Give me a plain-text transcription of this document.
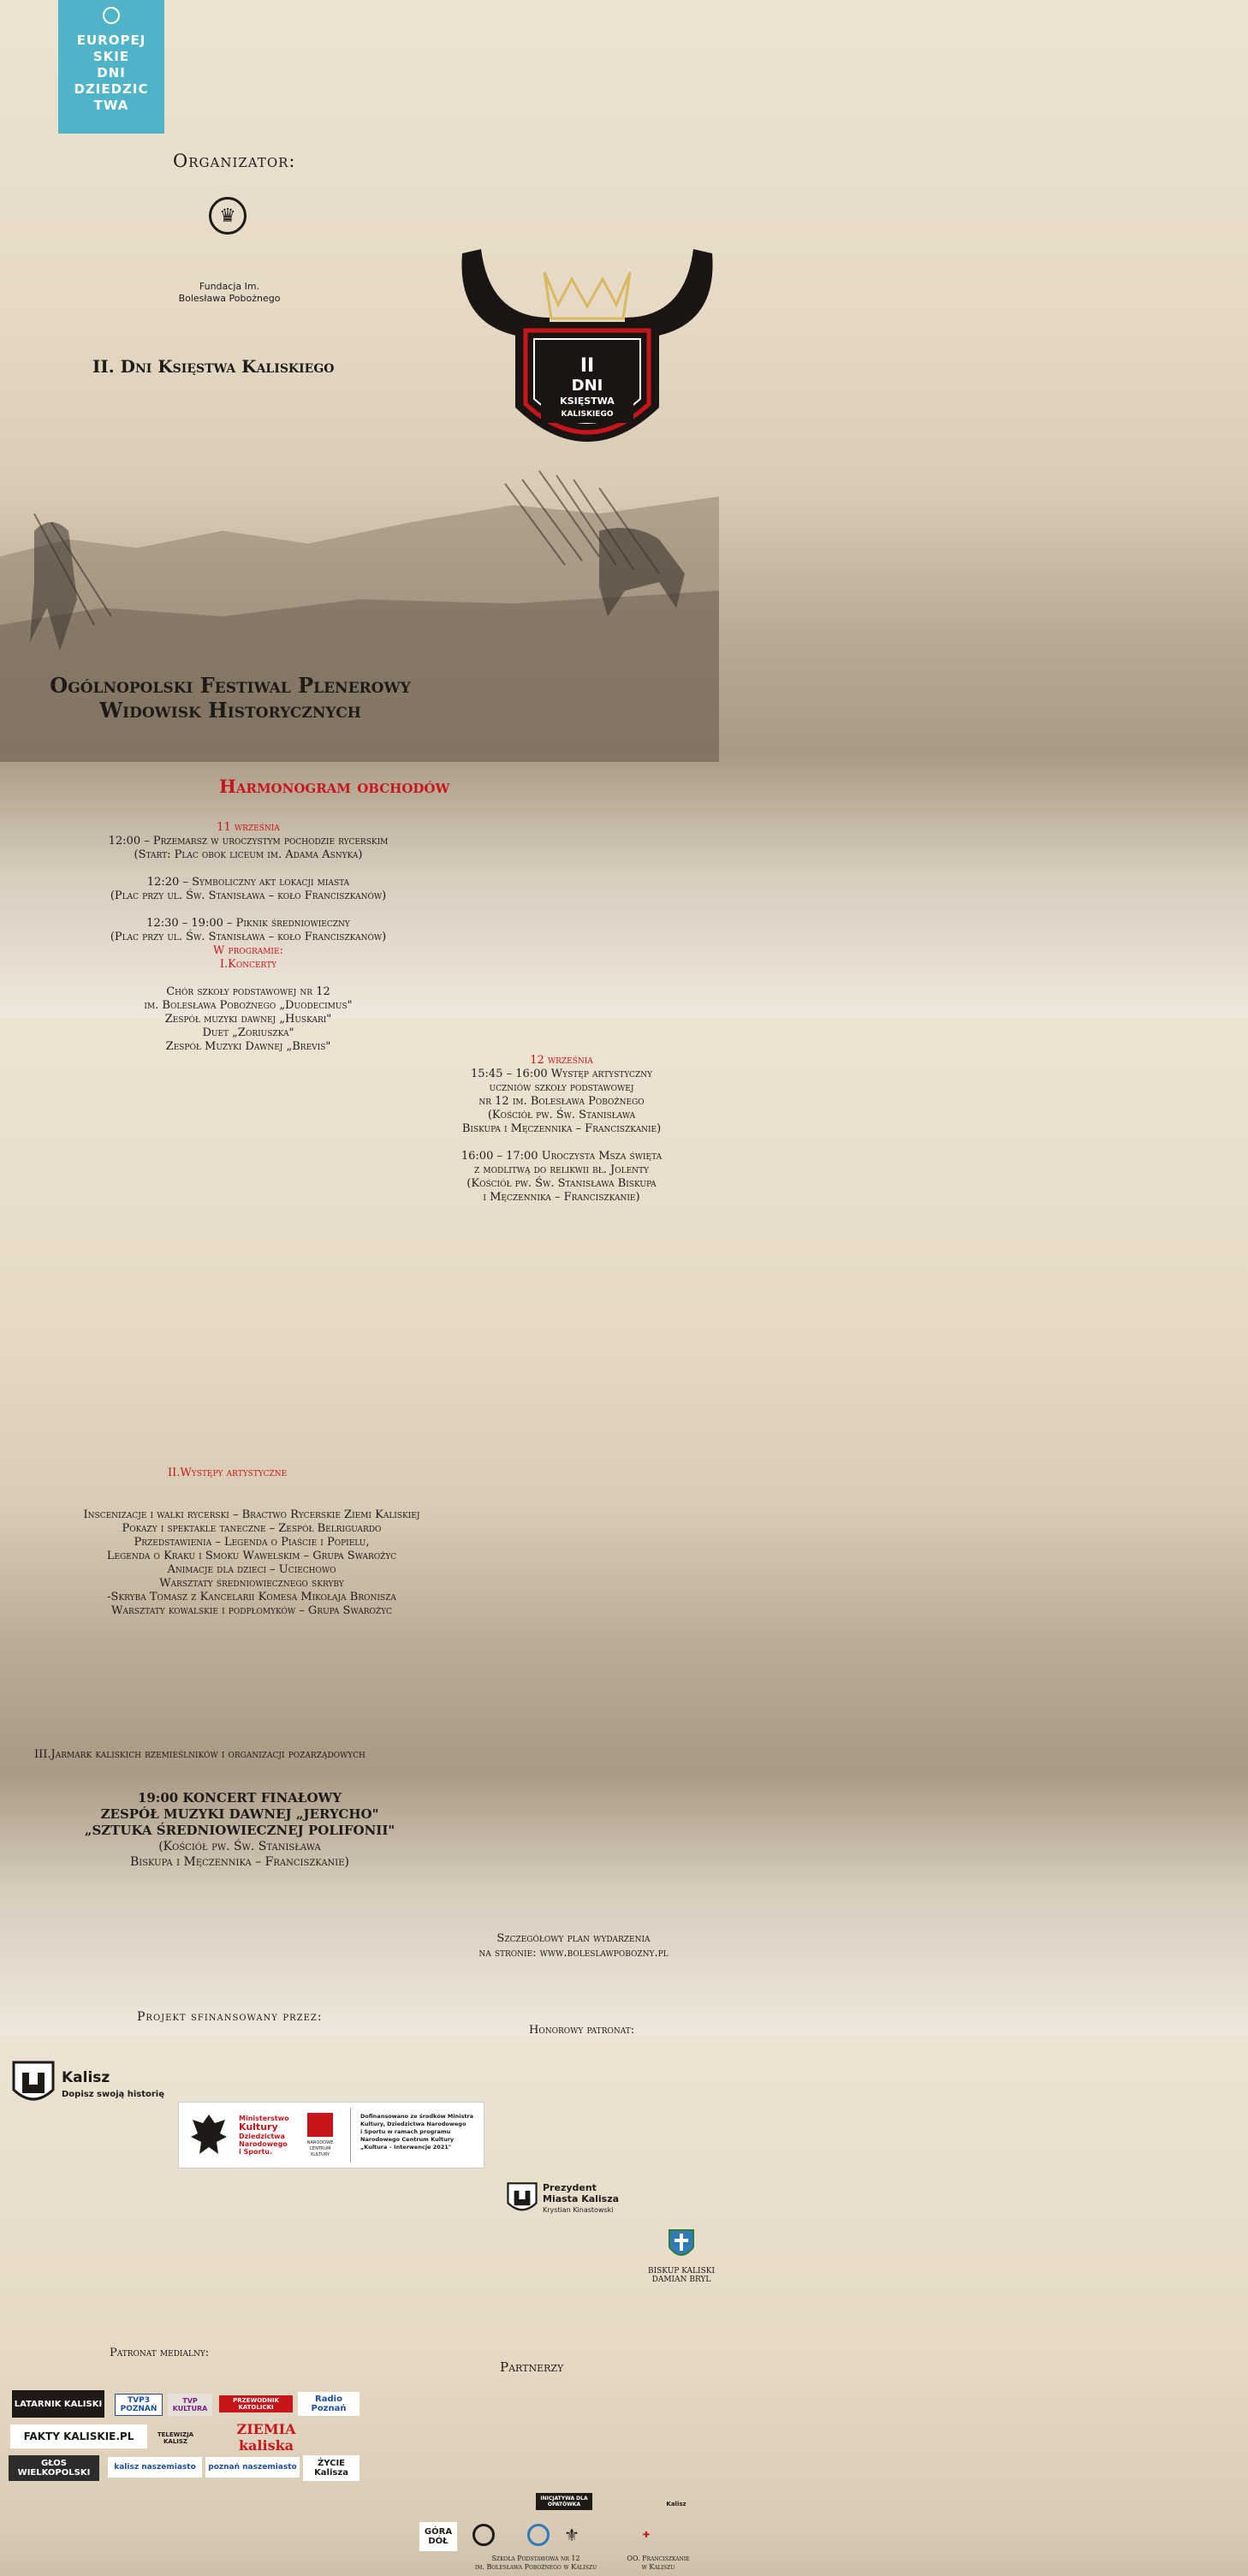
EUROPEJ
SKIE
DNI
DZIEDZIC
TWA
Organizator:
♛
Fundacja Im. Bolesława Pobożnego
II. Dni Księstwa Kaliskiego	II
DNI
KSIĘSTWA
KALISKIEGO
Ogólnopolski Festiwal Plenerowy
Widowisk Historycznych
Harmonogram obchodów
11 września
12:00 – Przemarsz w uroczystym pochodzie rycerskim
(Start: Plac obok liceum im. Adama Asnyka)
12:20 – Symboliczny akt lokacji miasta
(Plac przy ul. Św. Stanisława – koło Franciszkanów)
12:30 – 19:00 – Piknik średniowieczny
(Plac przy ul. Św. Stanisława – koło Franciszkanów)
W programie:
I.Koncerty
Chór szkoły podstawowej nr 12
im. Bolesława Pobożnego „Duodecimus"
Zespół muzyki dawnej „Huskari"
Duet „Zoriuszka"
Zespół Muzyki Dawnej „Brevis"
12 września
15:45 – 16:00 Występ artystyczny
uczniów szkoły podstawowej
nr 12 im. Bolesława Pobożnego
(Kościół pw. Św. Stanisława
Biskupa i Męczennika – Franciszkanie)
16:00 – 17:00 Uroczysta Msza święta
z modlitwą do relikwii bł. Jolenty
(Kościół pw. Św. Stanisława Biskupa
i Męczennika – Franciszkanie)
II.Występy artystyczne
Inscenizacje i walki rycerski – Bractwo Rycerskie Ziemi Kaliskiej
Pokazy i spektakle taneczne – Zespół Belriguardo
Przedstawienia – Legenda o Piaście i Popielu,
Legenda o Kraku i Smoku Wawelskim – Grupa Swarożyc
Animacje dla dzieci – Uciechowo
Warsztaty średniowiecznego skryby
-Skryba Tomasz z Kancelarii Komesa Mikołaja Bronisza
Warsztaty kowalskie i podpłomyków – Grupa Swarożyc
III.Jarmark kaliskich rzemieślników i organizacji pozarządowych
19:00 KONCERT FINAŁOWY
ZESPÓŁ MUZYKI DAWNEJ „JERYCHO"
„SZTUKA ŚREDNIOWIECZNEJ POLIFONII"
(Kościół pw. Św. Stanisława
Biskupa i Męczennika – Franciszkanie)
Szczegółowy plan wydarzenia
na stronie: www.boleslawpobozny.pl
Projekt sfinansowany przez:
Honorowy patronat:
Kalisz
Dopisz swoją historię
Ministerstwo
Kultury
Dziedzictwa
Narodowego
i Sportu.
NARODOWE
CENTRUM
KULTURY
Dofinansowano ze środków Ministra
Kultury, Dziedzictwa Narodowego
i Sportu w ramach programu
Narodowego Centrum Kultury
„Kultura – Interwencje 2021"
Prezydent
Miasta Kalisza
Krystian Kinastowski
BISKUP KALISKI
DAMIAN BRYL
Patronat medialny:
Partnerzy
LATARNIK KALISKI	TVP3 POZNAŃ
TVP KULTURA
PRZEWODNIK KATOLICKI
Radio Poznań
FAKTY KALISKIE.PL	TELEWIZJA KALISZ
ZIEMIA kaliska
GŁOS WIELKOPOLSKI
kalisz naszemiasto	poznań naszemiasto	ŻYCIE Kalisza
GÓRA DÓŁ
INICJATYWA DLA OPATÓWKA	Kalisz
⚜	✚
Szkoła Podstawowa nr 12
im. Bolesława Pobożnego w Kaliszu
OO. Franciszkanie
w Kaliszu
